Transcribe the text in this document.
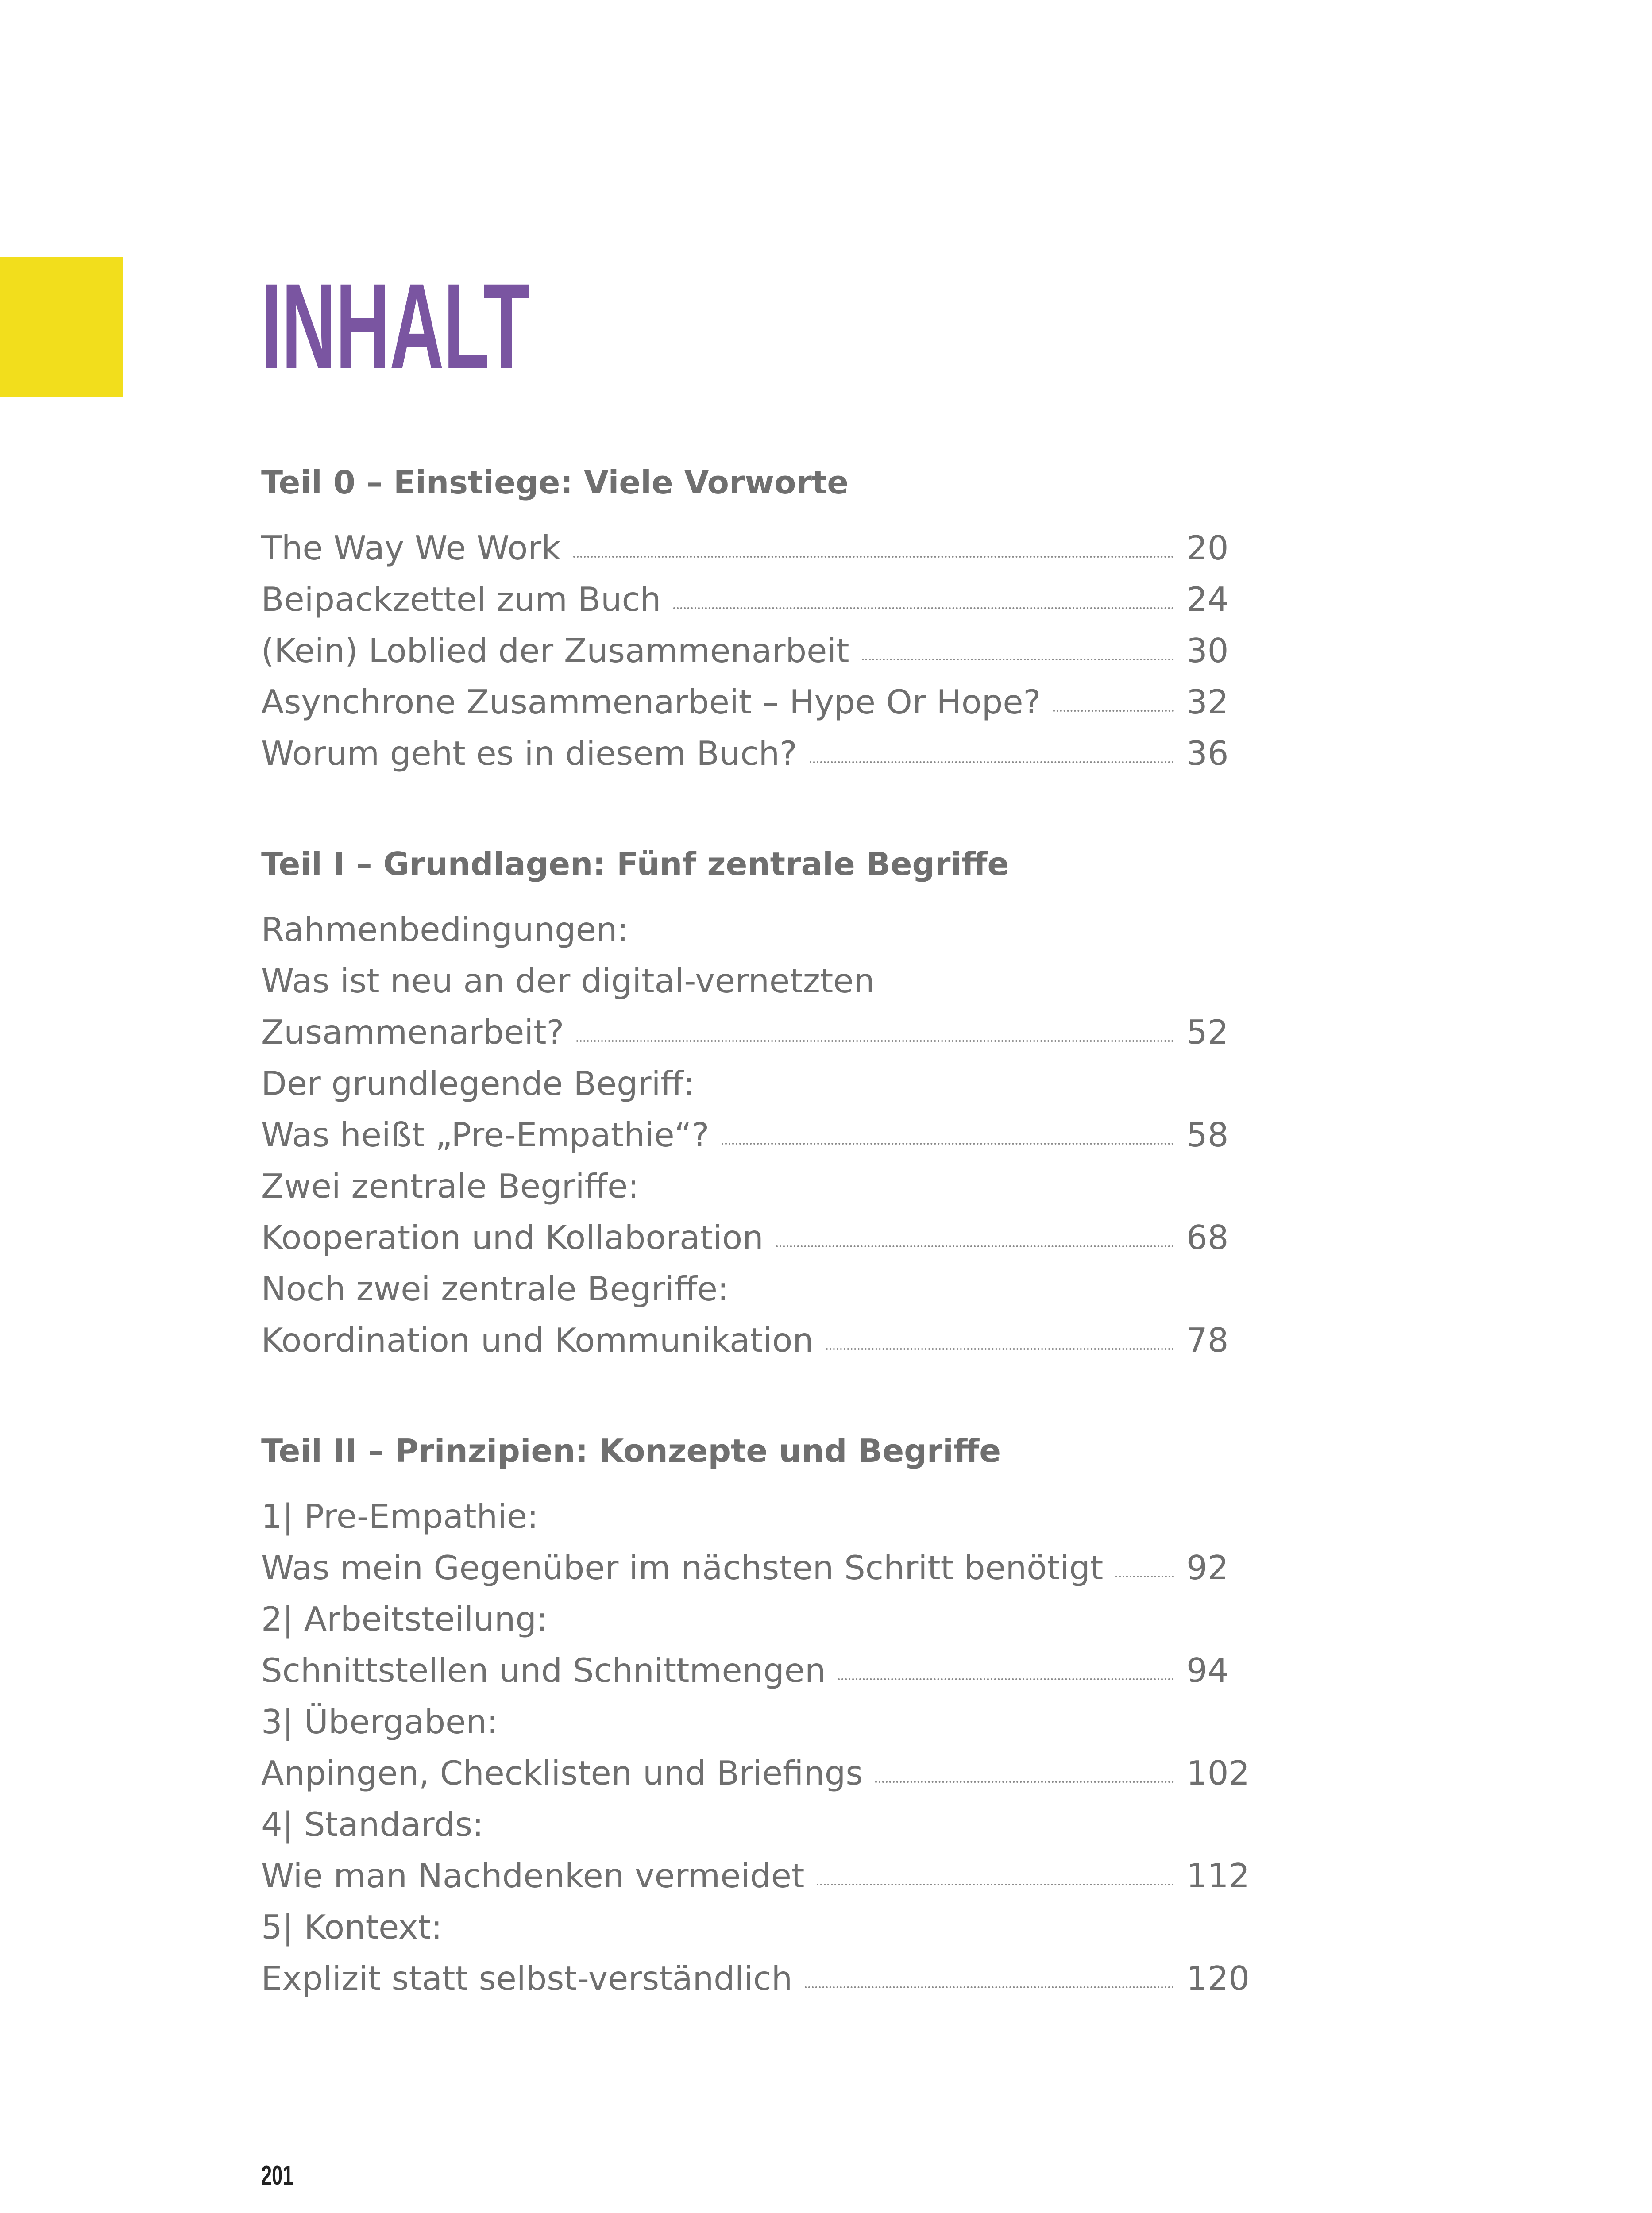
INHALT
Teil 0 – Einstiege: Viele Vorworte
The Way We Work	20
Beipackzettel zum Buch	24
(Kein) Loblied der Zusammenarbeit	30
Asynchrone Zusammenarbeit – Hype Or Hope?	32
Worum geht es in diesem Buch?	36
Teil I – Grundlagen: Fünf zentrale Begriffe
Rahmenbedingungen:
Was ist neu an der digital-vernetzten
Zusammenarbeit?	52
Der grundlegende Begriff:
Was heißt „Pre-Empathie“?	58
Zwei zentrale Begriffe:
Kooperation und Kollaboration	68
Noch zwei zentrale Begriffe:
Koordination und Kommunikation	78
Teil II – Prinzipien: Konzepte und Begriffe
1| Pre-Empathie:
Was mein Gegenüber im nächsten Schritt benötigt	92
2| Arbeitsteilung:
Schnittstellen und Schnittmengen	94
3| Übergaben:
Anpingen, Checklisten und Briefings	102
4| Standards:
Wie man Nachdenken vermeidet	112
5| Kontext:
Explizit statt selbst-verständlich	120
201
